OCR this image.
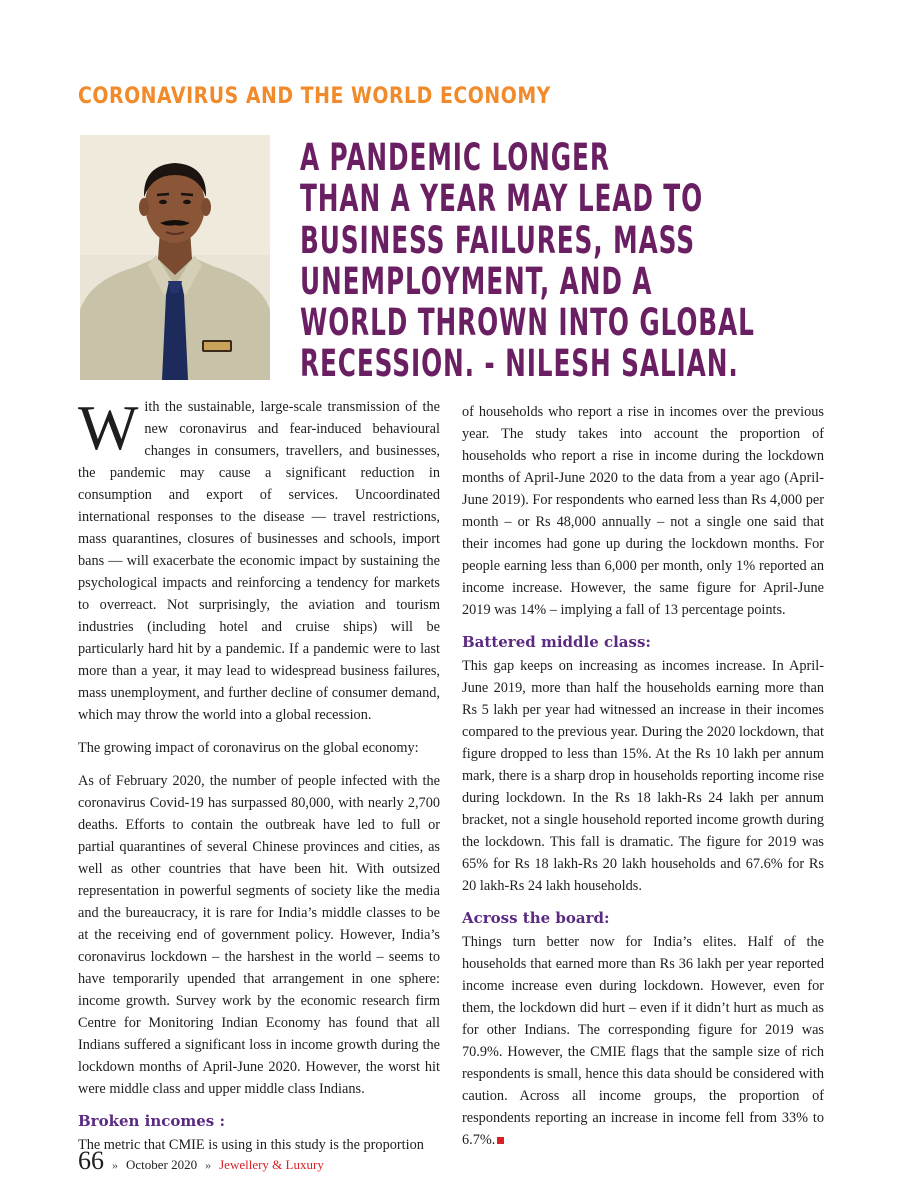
CORONAVIRUS AND THE WORLD ECONOMY
A PANDEMIC LONGER
THAN A YEAR MAY LEAD TO
BUSINESS FAILURES, MASS
UNEMPLOYMENT, AND A
WORLD THROWN INTO GLOBAL
RECESSION. - NILESH SALIAN.

With the sustainable, large-scale transmission of the new coronavirus and fear-induced behavioural changes in consumers, travellers, and businesses, the pandemic may cause a significant reduction in consumption and export of services. Uncoordinated international responses to the disease — travel restrictions, mass quarantines, closures of businesses and schools, import bans — will exacerbate the economic impact by sustaining the psychological impacts and reinforcing a tendency for markets to overreact. Not surprisingly, the aviation and tourism industries (including hotel and cruise ships) will be particularly hard hit by a pandemic. If a pandemic were to last more than a year, it may lead to widespread business failures, mass unemployment, and further decline of consumer demand, which may throw the world into a global recession.

The growing impact of coronavirus on the global economy:

As of February 2020, the number of people infected with the coronavirus Covid-19 has surpassed 80,000, with nearly 2,700 deaths. Efforts to contain the outbreak have led to full or partial quarantines of several Chinese provinces and cities, as well as other countries that have been hit. With outsized representation in powerful segments of society like the media and the bureaucracy, it is rare for India’s middle classes to be at the receiving end of government policy. However, India’s coronavirus lockdown – the harshest in the world – seems to have temporarily upended that arrangement in one sphere: income growth. Survey work by the economic research firm Centre for Monitoring Indian Economy has found that all Indians suffered a significant loss in income growth during the lockdown months of April-June 2020. However, the worst hit were middle class and upper middle class Indians.

Broken incomes :

The metric that CMIE is using in this study is the proportion

of households who report a rise in incomes over the previous year. The study takes into account the proportion of households who report a rise in income during the lockdown months of April-June 2020 to the data from a year ago (April-June 2019). For respondents who earned less than Rs 4,000 per month – or Rs 48,000 annually – not a single one said that their incomes had gone up during the lockdown months. For people earning less than 6,000 per month, only 1% reported an income increase. However, the same figure for April-June 2019 was 14% – implying a fall of 13 percentage points.

Battered middle class:

This gap keeps on increasing as incomes increase. In April-June 2019, more than half the households earning more than Rs 5 lakh per year had witnessed an increase in their incomes compared to the previous year. During the 2020 lockdown, that figure dropped to less than 15%. At the Rs 10 lakh per annum mark, there is a sharp drop in households reporting income rise during lockdown. In the Rs 18 lakh-Rs 24 lakh per annum bracket, not a single household reported income growth during the lockdown. This fall is dramatic. The figure for 2019 was 65% for Rs 18 lakh-Rs 20 lakh households and 67.6% for Rs 20 lakh-Rs 24 lakh households.

Across the board:

Things turn better now for India’s elites. Half of the households that earned more than Rs 36 lakh per year reported income increase even during lockdown. However, even for them, the lockdown did hurt – even if it didn’t hurt as much as for other Indians. The corresponding figure for 2019 was 70.9%. However, the CMIE flags that the sample size of rich respondents is small, hence this data should be considered with caution. Across all income groups, the proportion of respondents reporting an increase in income fell from 33% to 6.7%.

66 » October 2020 » Jewellery & Luxury
